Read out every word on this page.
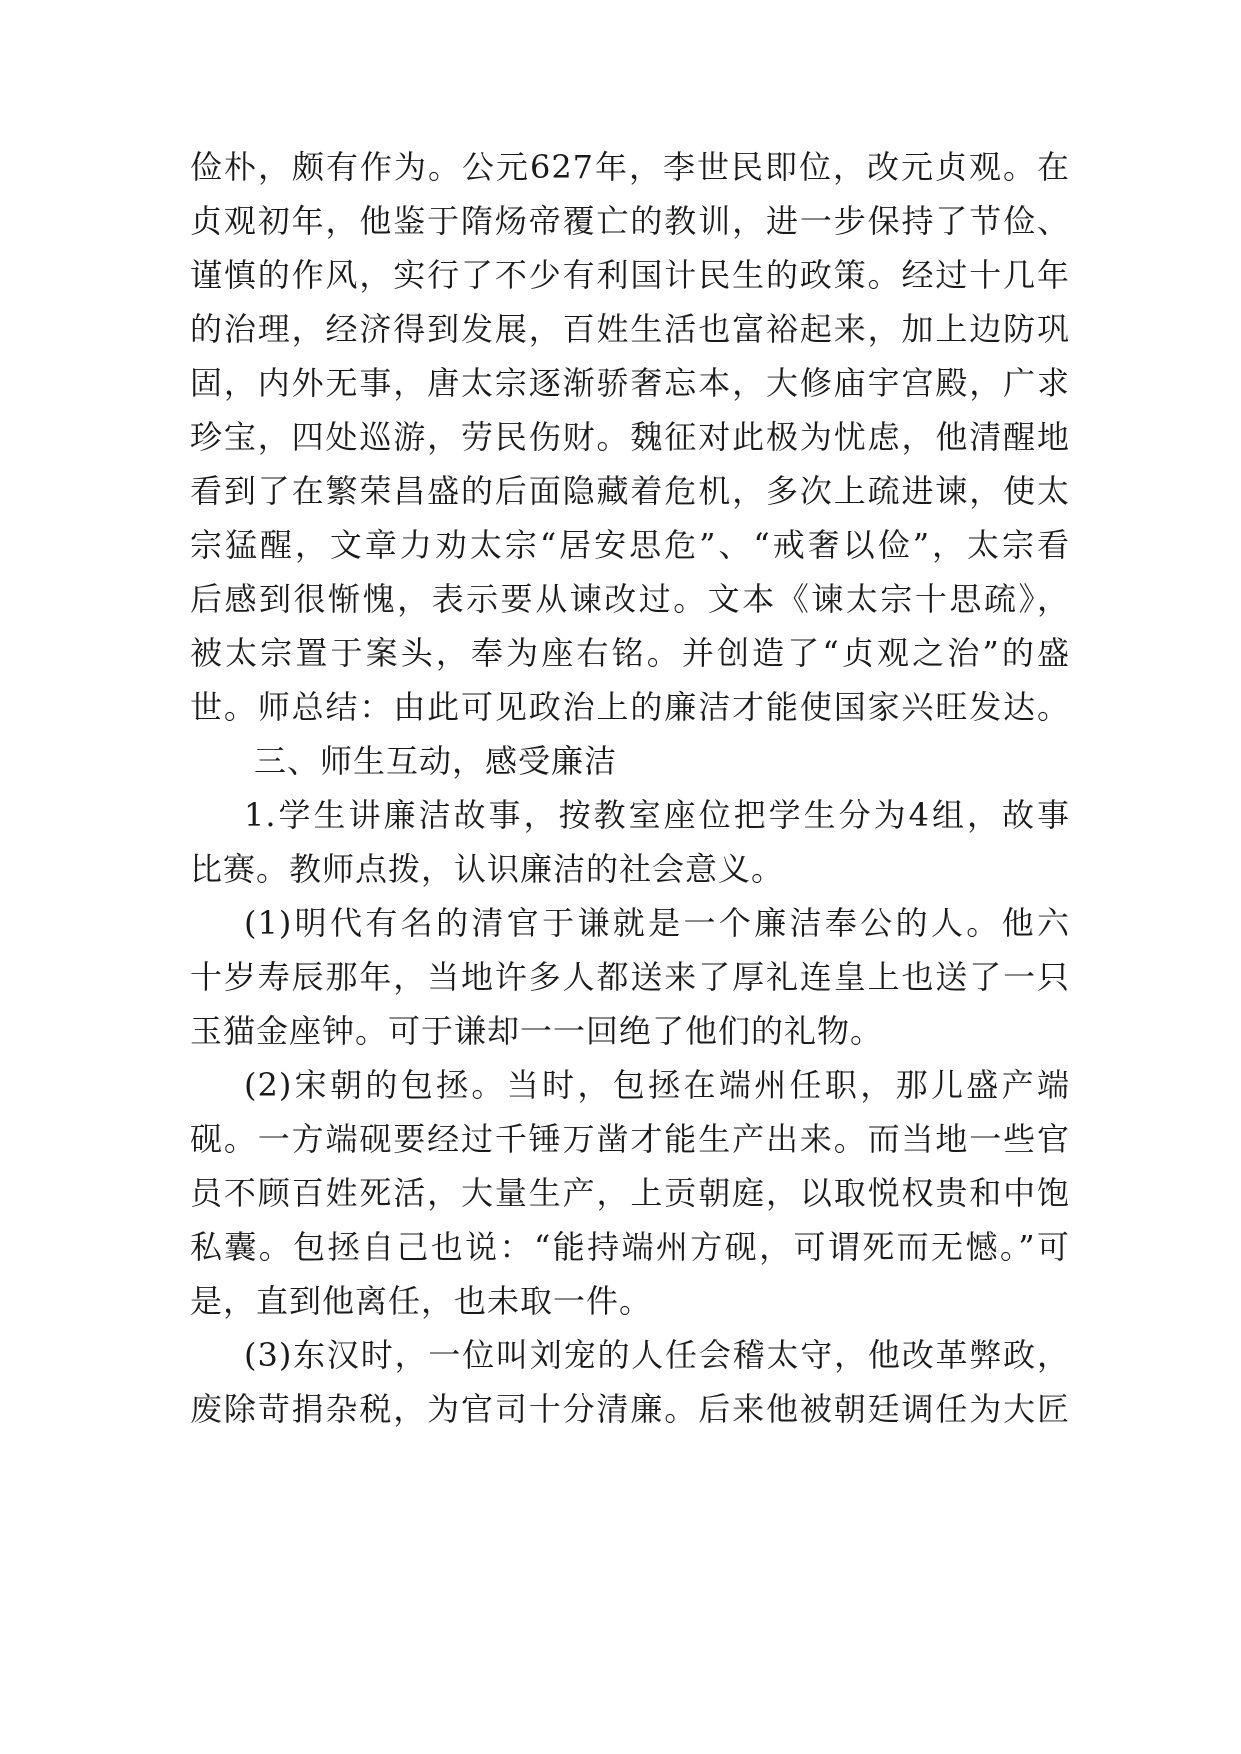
俭朴，颇有作为。公元627年，李世民即位，改元贞观。在
贞观初年，他鉴于隋炀帝覆亡的教训，进一步保持了节俭、
谨慎的作风，实行了不少有利国计民生的政策。经过十几年
的治理，经济得到发展，百姓生活也富裕起来，加上边防巩
固，内外无事，唐太宗逐渐骄奢忘本，大修庙宇宫殿，广求
珍宝，四处巡游，劳民伤财。魏征对此极为忧虑，他清醒地
看到了在繁荣昌盛的后面隐藏着危机，多次上疏进谏，使太
宗猛醒，文章力劝太宗“居安思危”、“戒奢以俭”，太宗看
后感到很惭愧，表示要从谏改过。文本《谏太宗十思疏》，
被太宗置于案头，奉为座右铭。并创造了“贞观之治”的盛
世。师总结：由此可见政治上的廉洁才能使国家兴旺发达。
三、师生互动，感受廉洁
1.学生讲廉洁故事，按教室座位把学生分为4组，故事
比赛。教师点拨，认识廉洁的社会意义。
(1)明代有名的清官于谦就是一个廉洁奉公的人。他六
十岁寿辰那年，当地许多人都送来了厚礼连皇上也送了一只
玉猫金座钟。可于谦却一一回绝了他们的礼物。
(2)宋朝的包拯。当时，包拯在端州任职，那儿盛产端
砚。一方端砚要经过千锤万凿才能生产出来。而当地一些官
员不顾百姓死活，大量生产，上贡朝庭，以取悦权贵和中饱
私囊。包拯自己也说：“能持端州方砚，可谓死而无憾。”可
是，直到他离任，也未取一件。
(3)东汉时，一位叫刘宠的人任会稽太守，他改革弊政，
废除苛捐杂税，为官司十分清廉。后来他被朝廷调任为大匠
